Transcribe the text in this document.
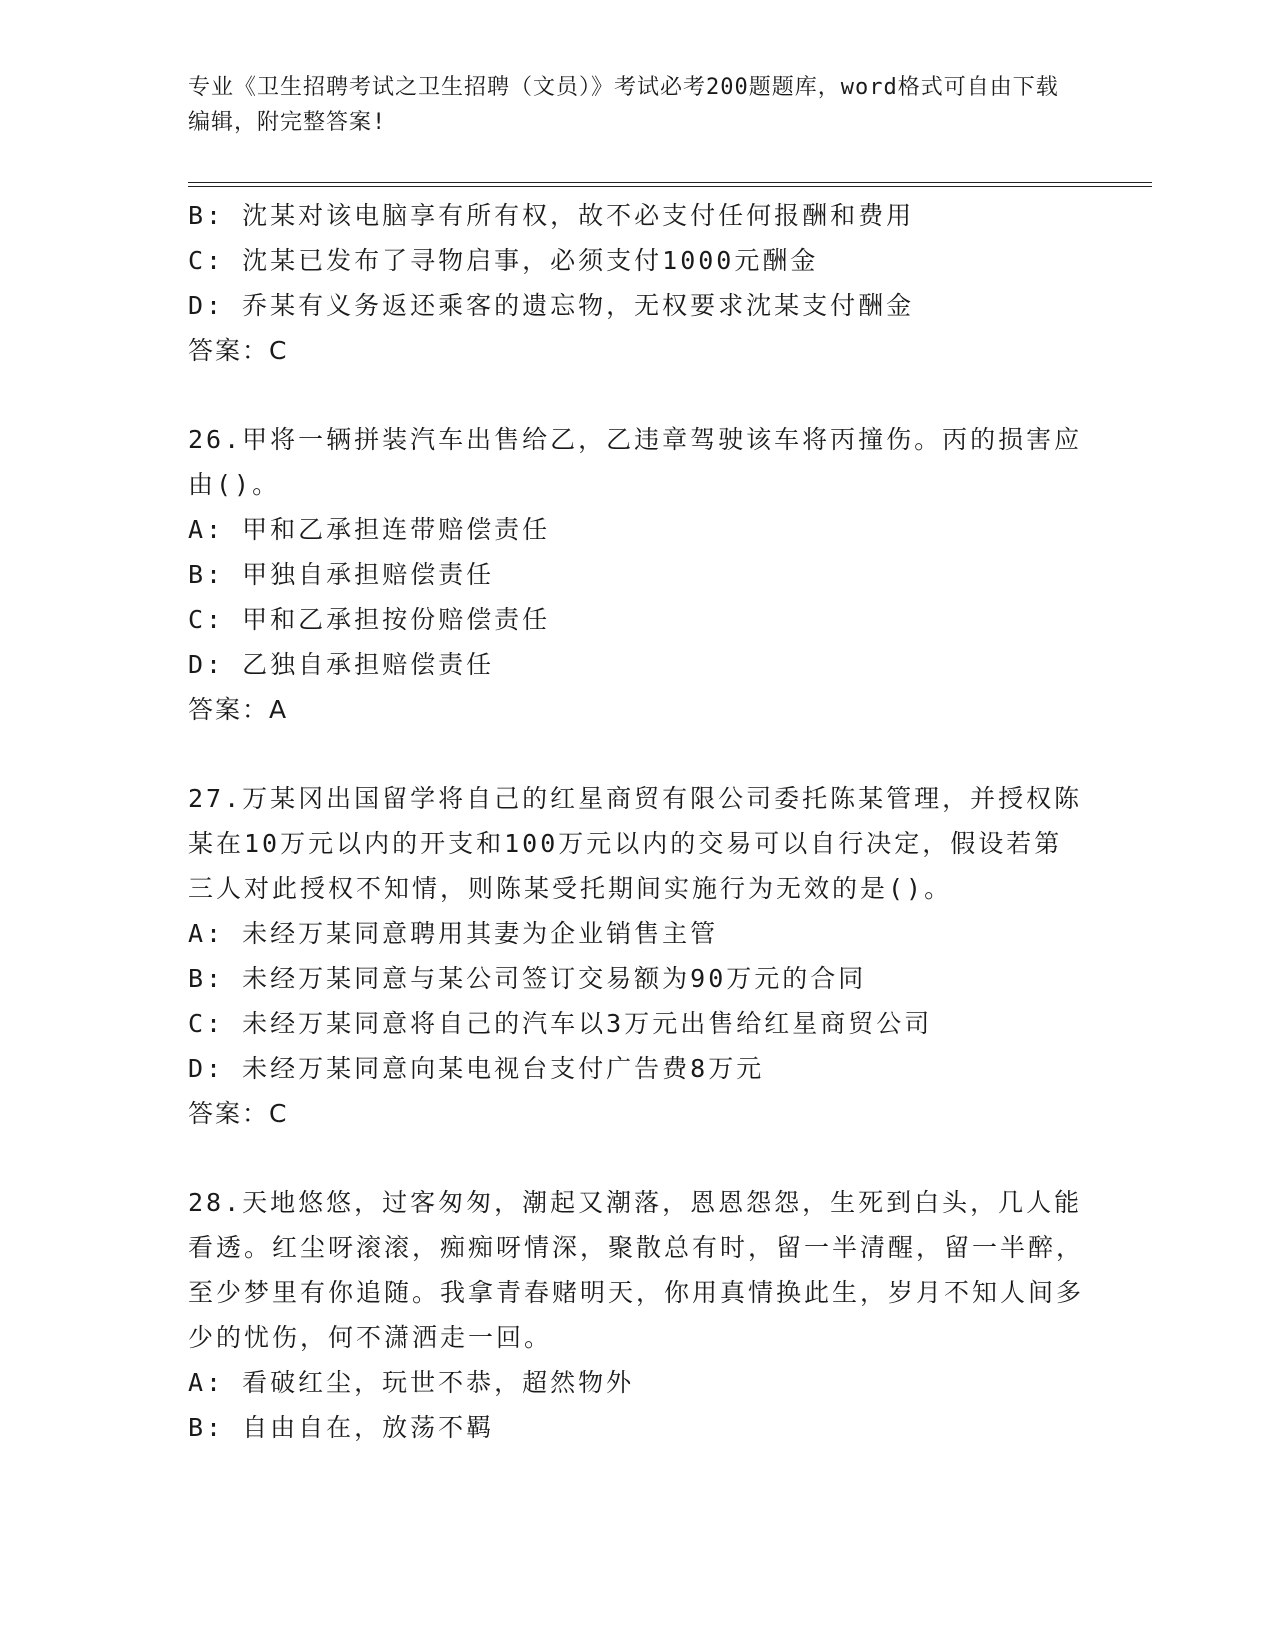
专业《卫生招聘考试之卫生招聘（文员）》考试必考200题题库，word格式可自由下载编辑，附完整答案!

B: 沈某对该电脑享有所有权，故不必支付任何报酬和费用

C: 沈某已发布了寻物启事，必须支付1000元酬金

D: 乔某有义务返还乘客的遗忘物，无权要求沈某支付酬金

答案：C

26.甲将一辆拼装汽车出售给乙，乙违章驾驶该车将丙撞伤。丙的损害应由()。

A: 甲和乙承担连带赔偿责任

B: 甲独自承担赔偿责任

C: 甲和乙承担按份赔偿责任

D: 乙独自承担赔偿责任

答案：A

27.万某冈出国留学将自己的红星商贸有限公司委托陈某管理，并授权陈某在10万元以内的开支和100万元以内的交易可以自行决定，假设若第三人对此授权不知情，则陈某受托期间实施行为无效的是()。

A: 未经万某同意聘用其妻为企业销售主管

B: 未经万某同意与某公司签订交易额为90万元的合同

C: 未经万某同意将自己的汽车以3万元出售给红星商贸公司

D: 未经万某同意向某电视台支付广告费8万元

答案：C

28.天地悠悠，过客匆匆，潮起又潮落，恩恩怨怨，生死到白头，几人能看透。红尘呀滚滚，痴痴呀情深，聚散总有时，留一半清醒，留一半醉，至少梦里有你追随。我拿青春赌明天，你用真情换此生，岁月不知人间多少的忧伤，何不潇洒走一回。

A: 看破红尘，玩世不恭，超然物外

B: 自由自在，放荡不羁
